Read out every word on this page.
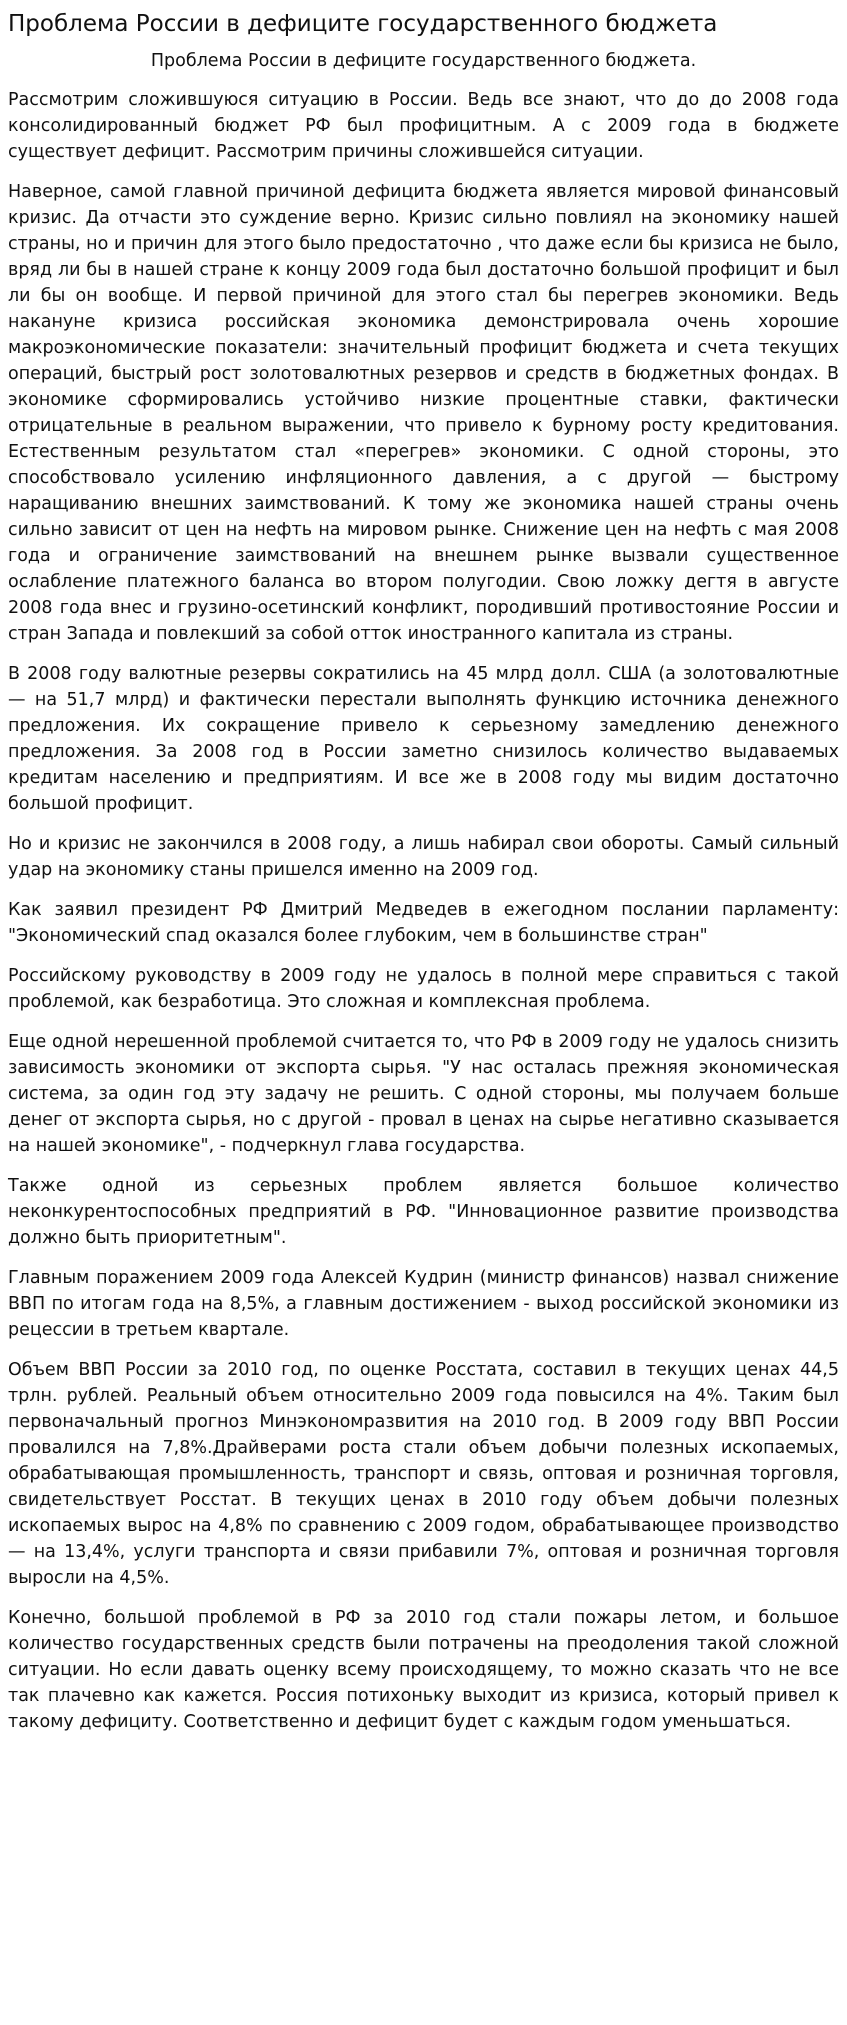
Проблема России в дефиците государственного бюджета
Проблема России в дефиците государственного бюджета.

Рассмотрим сложившуюся ситуацию в России. Ведь все знают, что до до 2008 года консолидированный бюджет РФ был профицитным. А с 2009 года в бюджете существует дефицит. Рассмотрим причины сложившейся ситуации.

Наверное, самой главной причиной дефицита бюджета является мировой финансовый кризис. Да отчасти это суждение верно. Кризис сильно повлиял на экономику нашей страны, но и причин для этого было предостаточно , что даже если бы кризиса не было, вряд ли бы в нашей стране к концу 2009 года был достаточно большой профицит и был ли бы он вообще. И первой причиной для этого стал бы перегрев экономики. Ведь накануне кризиса российская экономика демонстрировала очень хорошие макроэкономические показатели: значительный профицит бюджета и счета текущих операций, быстрый рост золотовалютных резервов и средств в бюджетных фондах. В экономике сформировались устойчиво низкие процентные ставки, фактически отрицательные в реальном выражении, что привело к бурному росту кредитования. Естественным результатом стал «перегрев» экономики. С одной стороны, это способствовало усилению инфляционного давления, а с другой — быстрому наращиванию внешних заимствований. К тому же экономика нашей страны очень сильно зависит от цен на нефть на мировом рынке. Снижение цен на нефть с мая 2008 года и ограничение заимствований на внешнем рынке вызвали существенное ослабление платежного баланса во втором полугодии. Свою ложку дегтя в августе 2008 года внес и грузино-осетинский конфликт, породивший противостояние России и стран Запада и повлекший за собой отток иностранного капитала из страны.

В 2008 году валютные резервы сократились на 45 млрд долл. США (а золотовалютные — на 51,7 млрд) и фактически перестали выполнять функцию источника денежного предложения. Их сокращение привело к серьезному замедлению денежного предложения. За 2008 год в России заметно снизилось количество выдаваемых кредитам населению и предприятиям. И все же в 2008 году мы видим достаточно большой профицит.

Но и кризис не закончился в 2008 году, а лишь набирал свои обороты. Самый сильный удар на экономику станы пришелся именно на 2009 год.

Как заявил президент РФ Дмитрий Медведев в ежегодном послании парламенту: "Экономический спад оказался более глубоким, чем в большинстве стран"

Российскому руководству в 2009 году не удалось в полной мере справиться с такой проблемой, как безработица. Это сложная и комплексная проблема.

Еще одной нерешенной проблемой считается то, что РФ в 2009 году не удалось снизить зависимость экономики от экспорта сырья. "У нас осталась прежняя экономическая система, за один год эту задачу не решить. С одной стороны, мы получаем больше денег от экспорта сырья, но с другой - провал в ценах на сырье негативно сказывается на нашей экономике", - подчеркнул глава государства.

Также одной из серьезных проблем является большое количество неконкурентоспособных предприятий в РФ. "Инновационное развитие производства должно быть приоритетным".

Главным поражением 2009 года Алексей Кудрин (министр финансов) назвал снижение ВВП по итогам года на 8,5%, а главным достижением - выход российской экономики из рецессии в третьем квартале.

Объем ВВП России за 2010 год, по оценке Росстата, составил в текущих ценах 44,5 трлн. рублей. Реальный объем относительно 2009 года повысился на 4%. Таким был первоначальный прогноз Минэкономразвития на 2010 год. В 2009 году ВВП России провалился на 7,8%.Драйверами роста стали объем добычи полезных ископаемых, обрабатывающая промышленность, транспорт и связь, оптовая и розничная торговля, свидетельствует Росстат. В текущих ценах в 2010 году объем добычи полезных ископаемых вырос на 4,8% по сравнению с 2009 годом, обрабатывающее производство — на 13,4%, услуги транспорта и связи прибавили 7%, оптовая и розничная торговля выросли на 4,5%.

Конечно, большой проблемой в РФ за 2010 год стали пожары летом, и большое количество государственных средств были потрачены на преодоления такой сложной ситуации. Но если давать оценку всему происходящему, то можно сказать что не все так плачевно как кажется. Россия потихоньку выходит из кризиса, который привел к такому дефициту. Соответственно и дефицит будет с каждым годом уменьшаться.
